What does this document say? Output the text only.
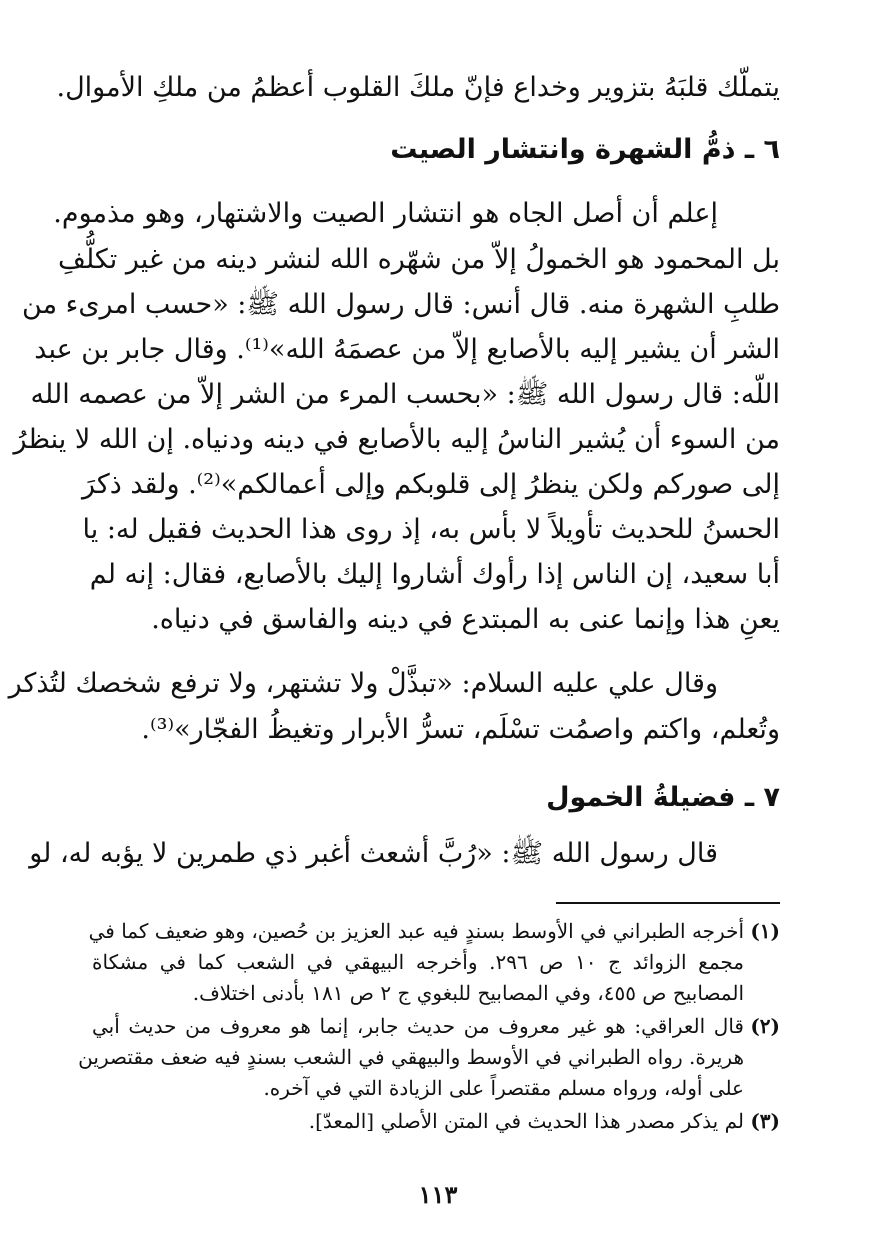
يتملّك قلبَهُ بتزوير وخداع فإنّ ملكَ القلوب أعظمُ من ملكِ الأموال.
٦ ـ ذمُّ الشهرة وانتشار الصيت
إعلم أن أصل الجاه هو انتشار الصيت والاشتهار، وهو مذموم.
بل المحمود هو الخمولُ إلاّ من شهّره الله لنشر دينه من غير تكلُّفِ
طلبِ الشهرة منه. قال أنس: قال رسول الله ﷺ: «حسب امرىء من
الشر أن يشير إليه بالأصابع إلاّ من عصمَهُ الله»⁽¹⁾. وقال جابر بن عبد
اللّه: قال رسول الله ﷺ: «بحسب المرء من الشر إلاّ من عصمه الله
من السوء أن يُشير الناسُ إليه بالأصابع في دينه ودنياه. إن الله لا ينظرُ
إلى صوركم ولكن ينظرُ إلى قلوبكم وإلى أعمالكم»⁽²⁾. ولقد ذكرَ
الحسنُ للحديث تأويلاً لا بأس به، إذ روى هذا الحديث فقيل له: يا
أبا سعيد، إن الناس إذا رأوك أشاروا إليك بالأصابع، فقال: إنه لم
يعنِ هذا وإنما عنى به المبتدع في دينه والفاسق في دنياه.
وقال علي عليه السلام: «تبذَّلْ ولا تشتهر، ولا ترفع شخصك لتُذكر
وتُعلم، واكتم واصمُت تسْلَم، تسرُّ الأبرار وتغيظُ الفجّار»⁽³⁾.
٧ ـ فضيلةُ الخمول
قال رسول الله ﷺ: «رُبَّ أشعث أغبر ذي طمرين لا يؤبه له، لو
(١)أخرجه الطبراني في الأوسط بسندٍ فيه عبد العزيز بن حُصين، وهو ضعيف كما في
مجمع الزوائد ج ١٠ ص ٢٩٦. وأخرجه البيهقي في الشعب كما في مشكاة
المصابيح ص ٤٥٥، وفي المصابيح للبغوي ج ٢ ص ١٨١ بأدنى اختلاف.
(٢)قال العراقي: هو غير معروف من حديث جابر، إنما هو معروف من حديث أبي
هريرة. رواه الطبراني في الأوسط والبيهقي في الشعب بسندٍ فيه ضعف مقتصرين
على أوله، ورواه مسلم مقتصراً على الزيادة التي في آخره.
(٣)لم يذكر مصدر هذا الحديث في المتن الأصلي [المعدّ].
١١٣
